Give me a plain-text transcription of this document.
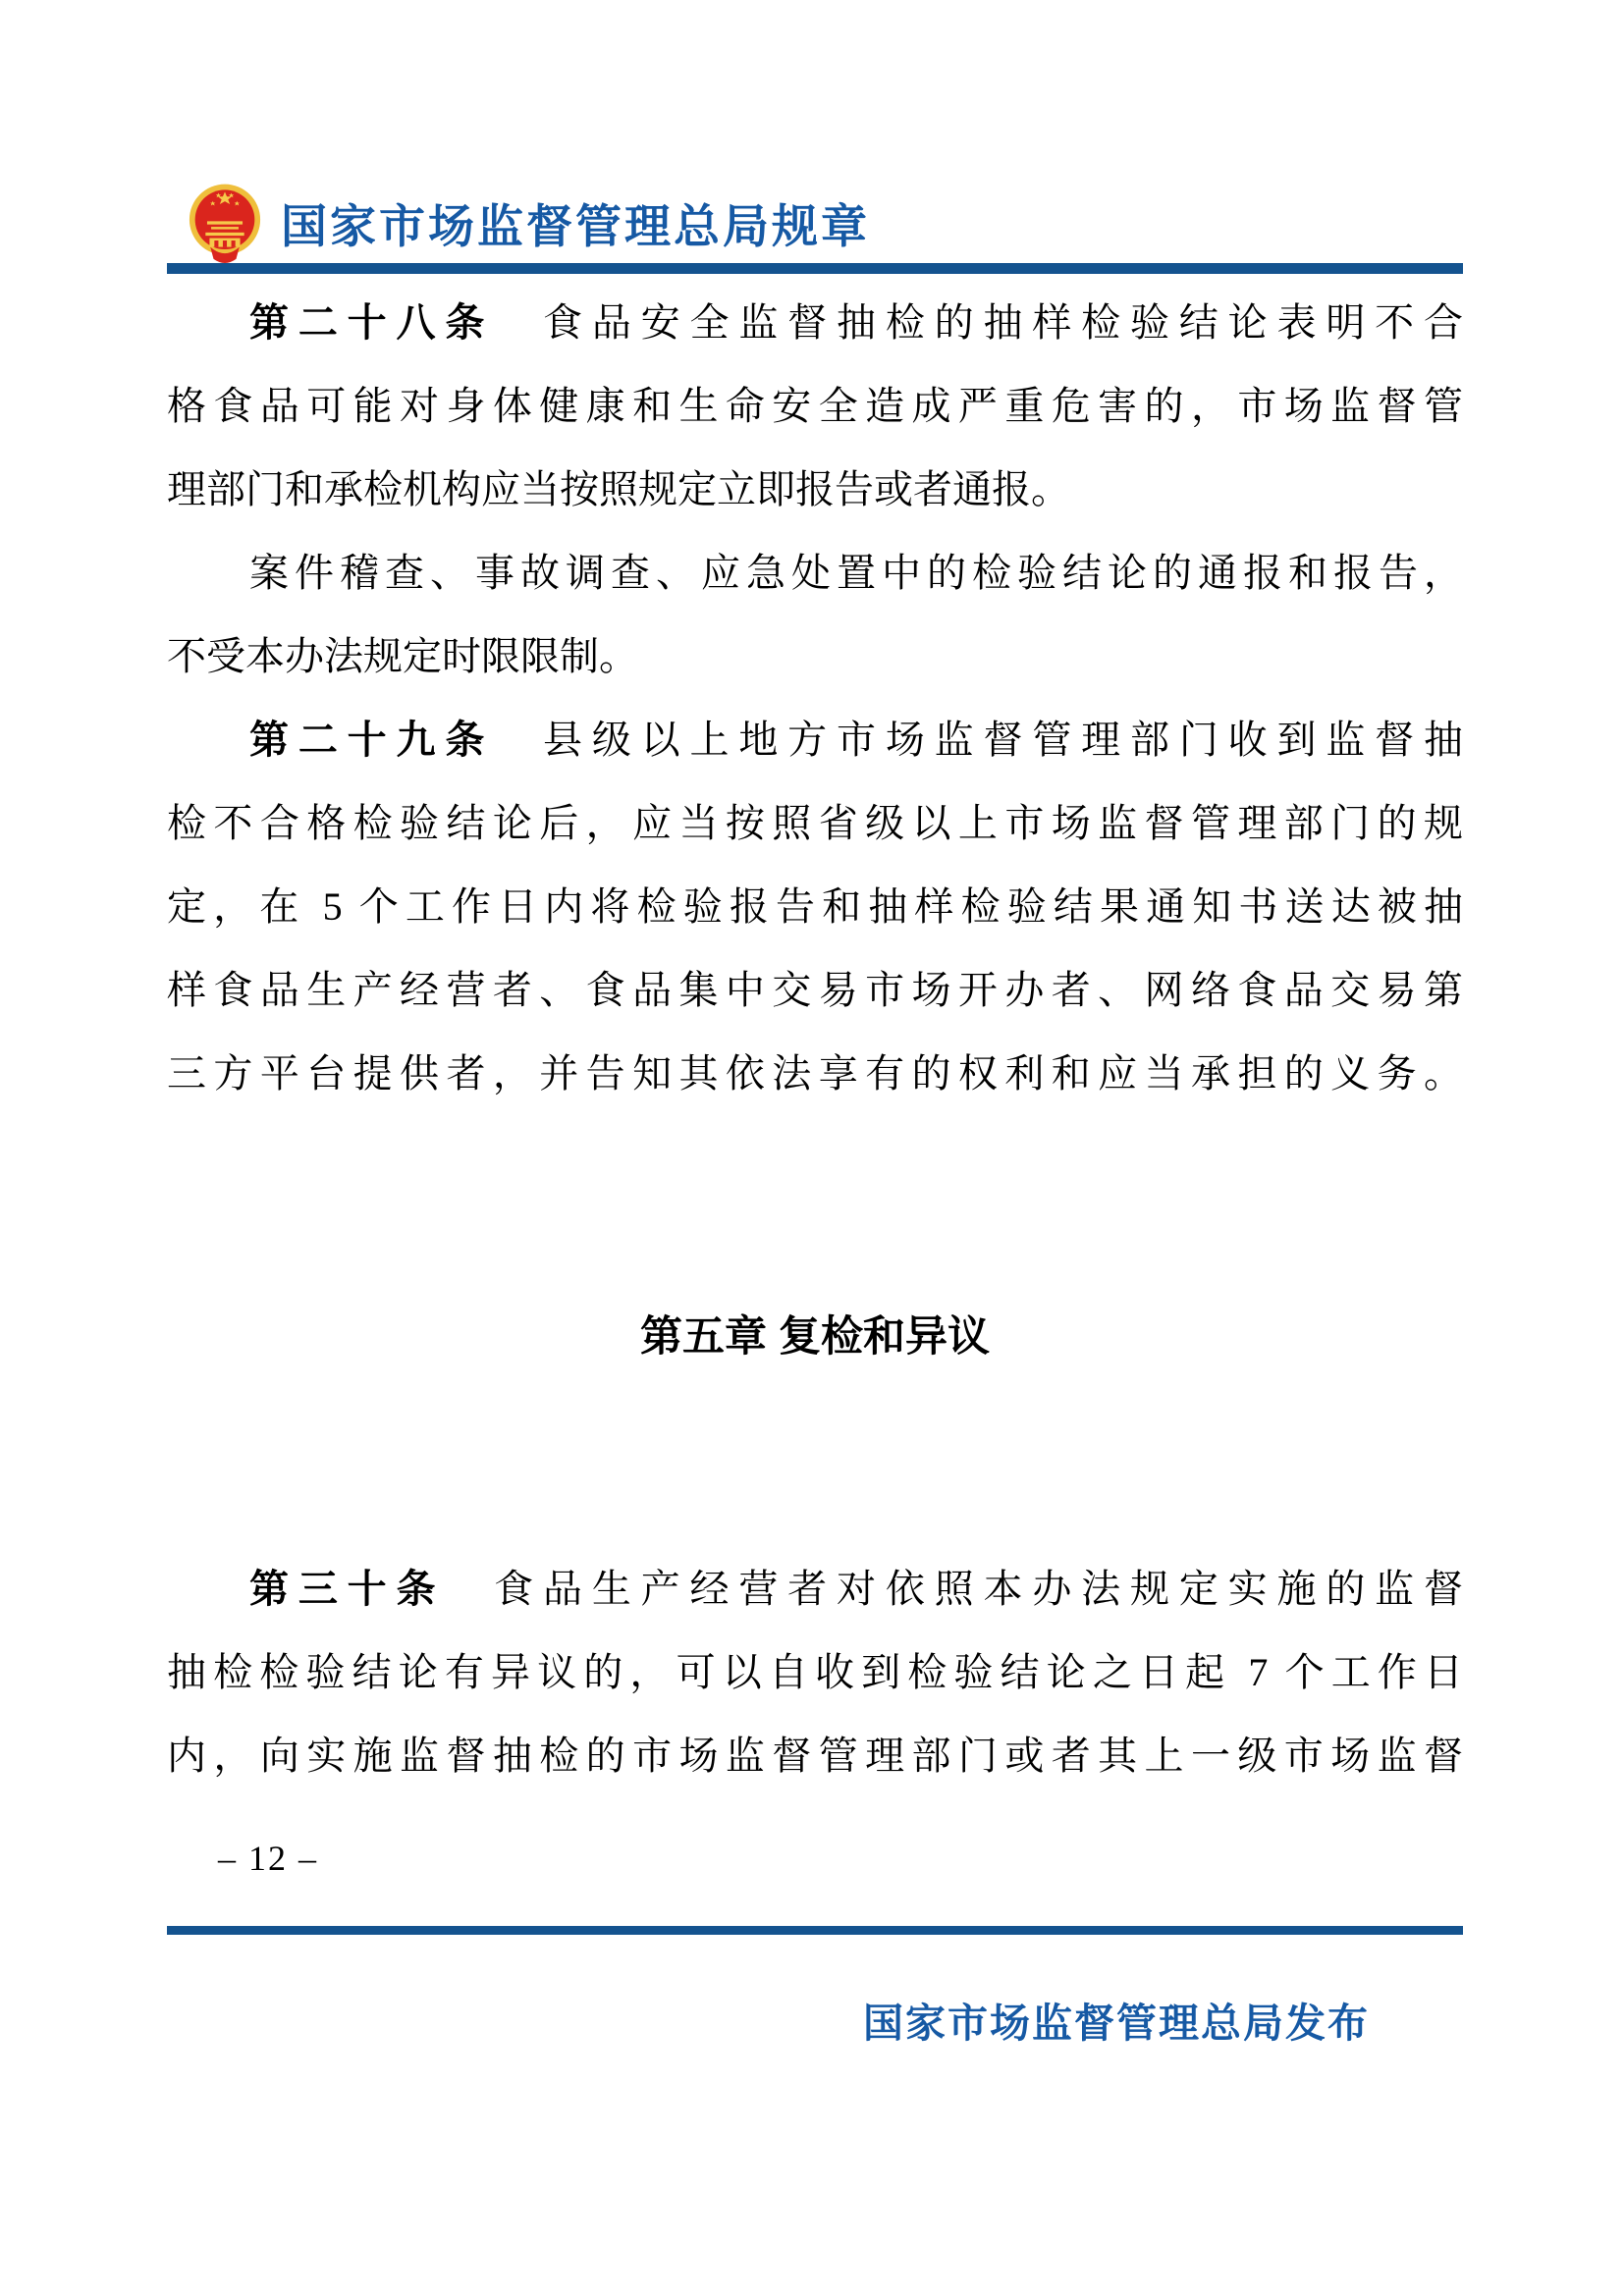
国家市场监督管理总局规章
第二十八条　食品安全监督抽检的抽样检验结论表明不合
格食品可能对身体健康和生命安全造成严重危害的，市场监督管
理部门和承检机构应当按照规定立即报告或者通报。
案件稽查、事故调查、应急处置中的检验结论的通报和报告，
不受本办法规定时限限制。
第二十九条　县级以上地方市场监督管理部门收到监督抽
检不合格检验结论后，应当按照省级以上市场监督管理部门的规
定，在 5 个工作日内将检验报告和抽样检验结果通知书送达被抽
样食品生产经营者、食品集中交易市场开办者、网络食品交易第
三方平台提供者，并告知其依法享有的权利和应当承担的义务。
第五章 复检和异议
第三十条　食品生产经营者对依照本办法规定实施的监督
抽检检验结论有异议的，可以自收到检验结论之日起 7 个工作日
内，向实施监督抽检的市场监督管理部门或者其上一级市场监督
– 12 –
国家市场监督管理总局发布
